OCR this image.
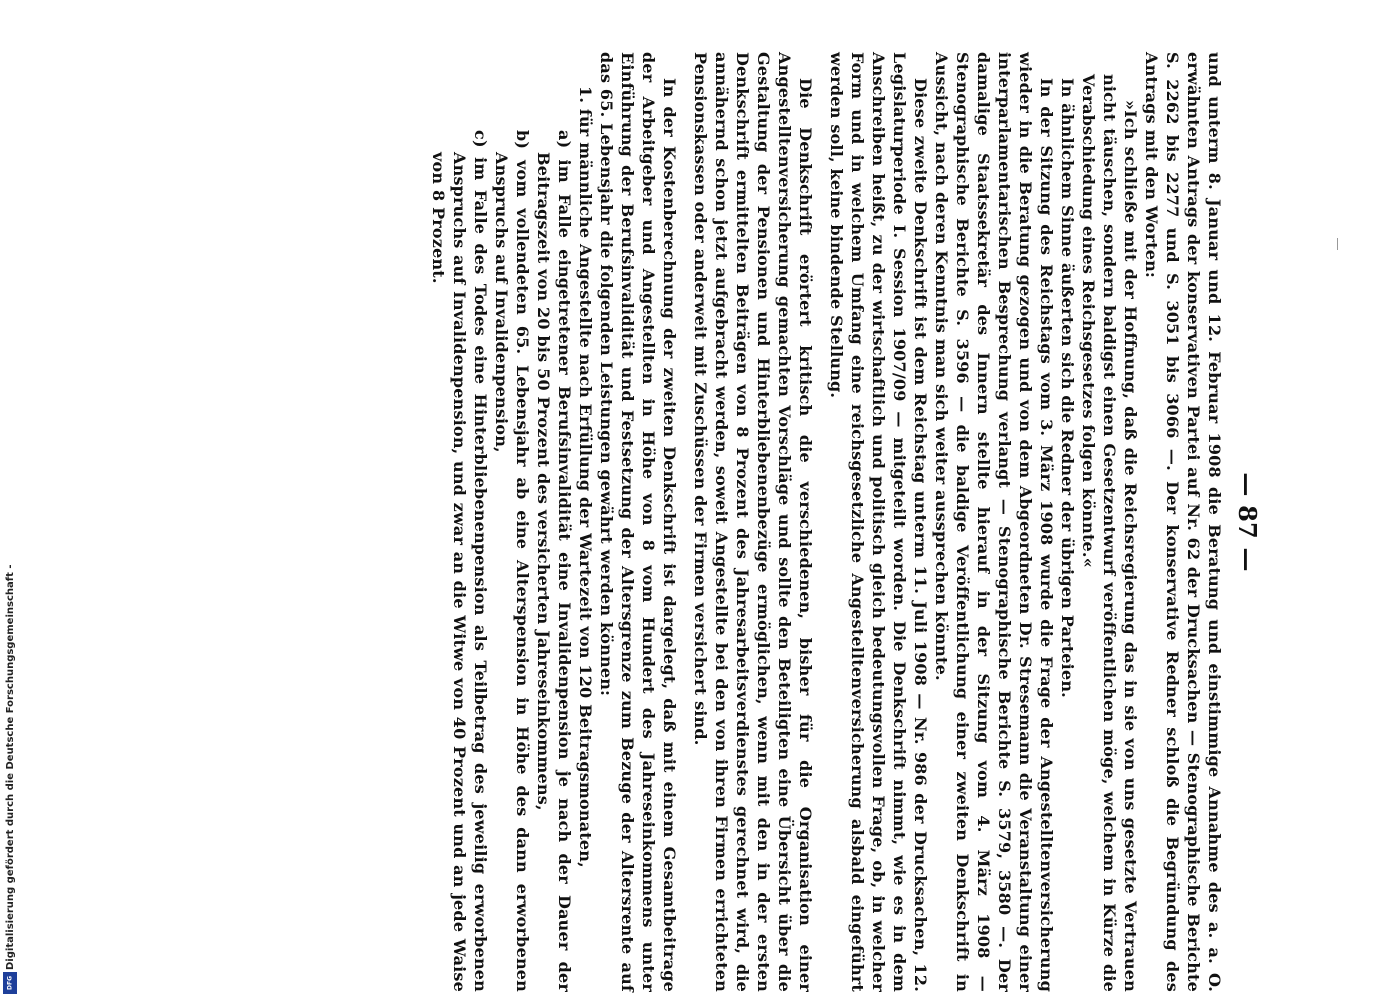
Digitalisierung gefördert durch die Deutsche Forschungsgemeinschaft -
DFG
— 87 —

und unterm 8. Januar und 12. Februar 1908 die Beratung und einstimmige Annahme des a. a. O. erwähnten Antrags der konservativen Partei auf Nr. 62 der Drucksachen — Stenographische Berichte S. 2262 bis 2277 und S. 3051 bis 3066 —. Der konservative Redner schloß die Begründung des Antrags mit den Worten:

»Ich schließe mit der Hoffnung, daß die Reichsregierung das in sie von uns gesetzte Vertrauen nicht täuschen, sondern baldigst einen Gesetzentwurf veröffentlichen möge, welchem in Kürze die Verabschiedung eines Reichsgesetzes folgen könnte.«

In ähnlichem Sinne äußerten sich die Redner der übrigen Parteien.

In der Sitzung des Reichstags vom 3. März 1908 wurde die Frage der Angestelltenversicherung wieder in die Beratung gezogen und von dem Abgeordneten Dr. Stresemann die Veranstaltung einer interparlamentarischen Besprechung verlangt — Stenographische Berichte S. 3579, 3580 —. Der damalige Staatssekretär des Innern stellte hierauf in der Sitzung vom 4. März 1908 — Stenographische Berichte S. 3596 — die baldige Veröffentlichung einer zweiten Denkschrift in Aussicht, nach deren Kenntnis man sich weiter aussprechen könnte.

Diese zweite Denkschrift ist dem Reichstag unterm 11. Juli 1908 — Nr. 986 der Drucksachen, 12. Legislaturperiode I. Session 1907/09 — mitgeteilt worden. Die Denkschrift nimmt, wie es in dem Anschreiben heißt, zu der wirtschaftlich und politisch gleich bedeutungsvollen Frage, ob, in welcher Form und in welchem Umfang eine reichsgesetzliche Angestelltenversicherung alsbald eingeführt werden soll, keine bindende Stellung.

Die Denkschrift erörtert kritisch die verschiedenen, bisher für die Organisation einer Angestelltenversicherung gemachten Vorschläge und sollte den Beteiligten eine Übersicht über die Gestaltung der Pensionen und Hinterbliebenenbezüge ermöglichen, wenn mit den in der ersten Denkschrift ermittelten Beiträgen von 8 Prozent des Jahresarbeitsverdienstes gerechnet wird, die annähernd schon jetzt aufgebracht werden, soweit Angestellte bei den von ihren Firmen errichteten Pensionskassen oder anderweit mit Zuschüssen der Firmen versichert sind.

In der Kostenberechnung der zweiten Denkschrift ist dargelegt, daß mit einem Gesamtbeitrage der Arbeitgeber und Angestellten in Höhe von 8 vom Hundert des Jahreseinkommens unter Einführung der Berufsinvalidität und Festsetzung der Altersgrenze zum Bezuge der Altersrente auf das 65. Lebensjahr die folgenden Leistungen gewährt werden können:

1. für männliche Angestellte nach Erfüllung der Wartezeit von 120 Beitragsmonaten,

a) im Falle eingetretener Berufsinvalidität eine Invalidenpension je nach der Dauer der Beitragszeit von 20 bis 50 Prozent des versicherten Jahreseinkommens,

b) vom vollendeten 65. Lebensjahr ab eine Alterspension in Höhe des dann erworbenen Anspruchs auf Invalidenpension,

c) im Falle des Todes eine Hinterbliebenenpension als Teilbetrag des jeweilig erworbenen Anspruchs auf Invalidenpension, und zwar an die Witwe von 40 Prozent und an jede Waise von 8 Prozent.
